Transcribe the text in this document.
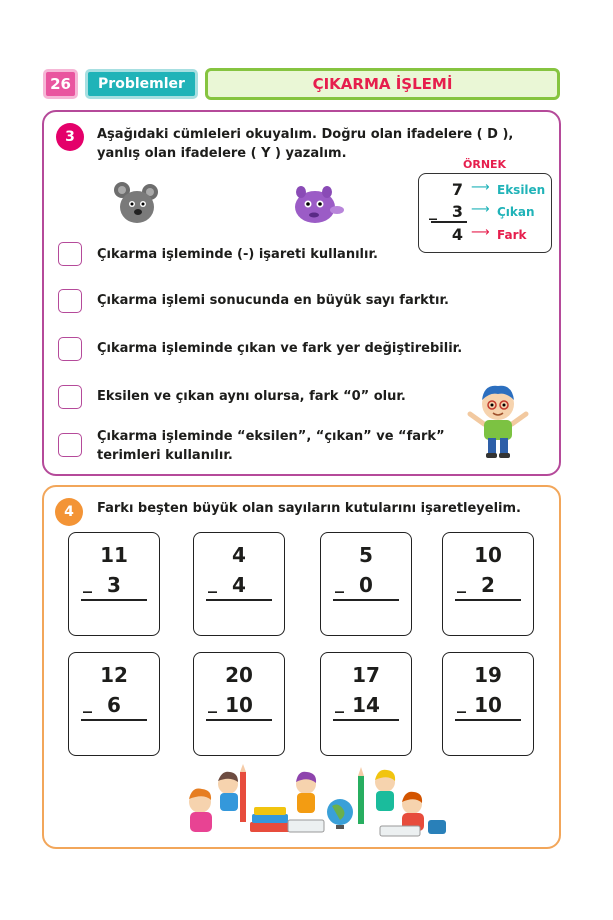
26	Problemler	ÇIKARMA İŞLEMİ
3	Aşağıdaki cümleleri okuyalım. Doğru olan ifadelere ( D ), yanlış olan ifadelere ( Y ) yazalım.
ÖRNEK
7 ⟶ Eksilen
_ 3 ⟶ Çıkan
4 ⟶ Fark
Çıkarma işleminde (-) işareti kullanılır.
Çıkarma işlemi sonucunda en büyük sayı farktır.
Çıkarma işleminde çıkan ve fark yer değiştirebilir.
Eksilen ve çıkan aynı olursa, fark “0” olur.
Çıkarma işleminde “eksilen”, “çıkan” ve “fark” terimleri kullanılır.
4	Farkı beşten büyük olan sayıların kutularını işaretleyelim.
11
_ 3
4
_ 4
5
_ 0
10
_ 2
12
_ 6
20
_ 10
17
_ 14
19
_ 10
